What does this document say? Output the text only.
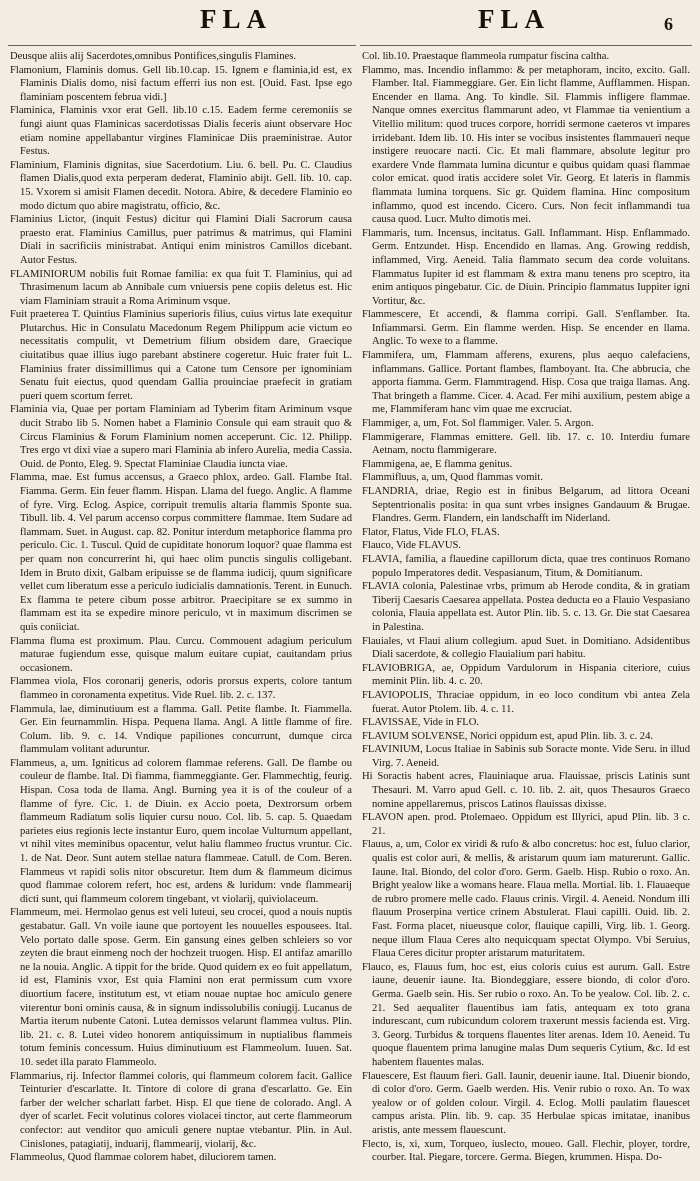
FLA	FLA	6

Deusque aliis alij Sacerdotes,omnibus Pontifices,singulis Flamines.

Flamonium, Flaminis domus. Gell lib.10.cap. 15. Ignem e flaminia,id est, ex Flaminis Dialis domo, nisi factum efferri ius non est. [Ouid. Fast. Ipse ego flaminiam poscentem februa vidi.]

Flaminica, Flaminis vxor erat Gell. lib.10 c.15. Eadem ferme ceremoniis se fungi aiunt quas Flaminicas sacerdotissas Dialis feceris aiunt observare Hoc etiam nomine appellabantur virgines Flaminicae Diis praeministrae. Autor Festus.

Flaminium, Flaminis dignitas, siue Sacerdotium. Liu. 6. bell. Pu. C. Claudius flamen Dialis,quod exta perperam dederat, Flaminio abijt. Gell. lib. 10. cap. 15. Vxorem si amisit Flamen decedit. Notora. Abire, & decedere Flaminio eo modo dictum quo abire magistratu, officio, &c.

Flaminius Lictor, (inquit Festus) dicitur qui Flamini Diali Sacrorum causa praesto erat. Flaminius Camillus, puer patrimus & matrimus, qui Flamini Diali in sacrificiis ministrabat. Antiqui enim ministros Camillos dicebant. Autor Festus.

FLAMINIORUM nobilis fuit Romae familia: ex qua fuit T. Flaminius, qui ad Thrasimenum lacum ab Annibale cum vniuersis pene copiis deletus est. Hic viam Flaminiam strauit a Roma Ariminum vsque.

Fuit praeterea T. Quintius Flaminius superioris filius, cuius virtus late exequitur Plutarchus. Hic in Consulatu Macedonum Regem Philippum acie victum eo necessitatis compulit, vt Demetrium filium obsidem dare, Graecique ciuitatibus quae illius iugo parebant abstinere cogeretur. Huic frater fuit L. Flaminius frater dissimillimus qui a Catone tum Censore per ignominiam Senatu fuit eiectus, quod quendam Gallia prouinciae praefecit in gratiam pueri quem scortum ferret.

Flaminia via, Quae per portam Flaminiam ad Tyberim fitam Ariminum vsque ducit Strabo lib 5. Nomen habet a Flaminio Consule qui eam strauit quo & Circus Flaminius & Forum Flaminium nomen acceperunt. Cic. 12. Philipp. Tres ergo vt dixi viae a supero mari Flaminia ab infero Aurelia, media Cassia. Ouid. de Ponto, Eleg. 9. Spectat Flaminiae Claudia iuncta viae.

Flamma, mae. Est fumus accensus, a Graeco phlox, ardeo. Gall. Flambe Ital. Fiamma. Germ. Ein feuer flamm. Hispan. Llama del fuego. Anglic. A flamme of fyre. Virg. Eclog. Aspice, corripuit tremulis altaria flammis Sponte sua. Tibull. lib. 4. Vel parum accenso corpus committere flammae. Item Sudare ad flammam. Suet. in August. cap. 82. Ponitur interdum metaphorice flamma pro periculo. Cic. 1. Tuscul. Quid de cupiditate honorum loquor? quae flamma est per quam non concurrerint hi, qui haec olim punctis singulis colligebant. Idem in Bruto dixit, Galbam eripuisse se de flamma iudicij, quum significare vellet cum liberatum esse a periculo iudicialis damnationis. Terent. in Eunuch. Ex flamma te petere cibum posse arbitror. Praecipitare se ex summo in flammam est ita se expedire minore periculo, vt in maximum discrimen se quis coniiciat.

Flamma fluma est proximum. Plau. Curcu. Commouent adagium periculum maturae fugiendum esse, quisque malum euitare cupiat, cauitandam prius occasionem.

Flammea viola, Flos coronarij generis, odoris prorsus experts, colore tantum flammeo in coronamenta expetitus. Vide Ruel. lib. 2. c. 137.

Flammula, lae, diminutiuum est a flamma. Gall. Petite flambe. It. Fiammella. Ger. Ein feurnammlin. Hispa. Pequena llama. Angl. A little flamme of fire. Colum. lib. 9. c. 14. Vndique papiliones concurrunt, dumque circa flammulam volitant aduruntur.

Flammeus, a, um. Igniticus ad colorem flammae referens. Gall. De flambe ou couleur de flambe. Ital. Di fiamma, fiammeggiante. Ger. Flammechtig, feurig. Hispan. Cosa toda de llama. Angl. Burning yea it is of the couleur of a flamme of fyre. Cic. 1. de Diuin. ex Accio poeta, Dextrorsum orbem flammeum Radiatum solis liquier cursu nouo. Col. lib. 5. cap. 5. Quaedam parietes eius regionis lecte instantur Euro, quem incolae Vulturnum appellant, vt nihil vites meminibus opacentur, velut haliu flammeo fructus vruntur. Cic. 1. de Nat. Deor. Sunt autem stellae natura flammeae. Catull. de Com. Beren. Flammeus vt rapidi solis nitor obscuretur. Item dum & flammeum dicimus quod flammae colorem refert, hoc est, ardens & luridum: vnde flammearij dicti sunt, qui flammeum colorem tingebant, vt violarij, quiviolaceum.

Flammeum, mei. Hermolao genus est veli luteui, seu crocei, quod a nouis nuptis gestabatur. Gall. Vn voile iaune que portoyent les nouuelles espousees. Ital. Velo portato dalle spose. Germ. Ein gansung eines gelben schleiers so vor zeyten die braut einmeng noch der hochzeit truogen. Hisp. El antifaz amarillo ne la nouia. Anglic. A tippit for the bride. Quod quidem ex eo fuit appellatum, id est, Flaminis vxor, Est quia Flamini non erat permissum cum vxore diuortium facere, institutum est, vt etiam nouae nuptae hoc amiculo genere viterentur boni ominis causa, & in signum indissolubilis coniugij. Lucanus de Martia iterum nubente Catoni. Lutea demissos velarunt flammea vultus. Plin. lib. 21. c. 8. Lutei video honorem antiquissimum in nuptialibus flammeis totum feminis concessum. Huius diminutiuum est Flammeolum. Iuuen. Sat. 10. sedet illa parato Flammeolo.

Flammarius, rij. Infector flammei coloris, qui flammeum colorem facit. Gallice Teinturier d'escarlatte. It. Tintore di colore di grana d'escarlatto. Ge. Ein farber der welcher scharlatt farbet. Hisp. El que tiene de colorado. Angl. A dyer of scarlet. Fecit volutinus colores violacei tinctor, aut certe flammeorum confector: aut venditor quo amiculi genere nuptae vtebantur. Plin. in Aul. Cinislones, patagiatij, induarij, flammearij, violarij, &c.

Flammeolus, Quod flammae colorem habet, diluciorem tamen.

Col. lib.10. Praestaque flammeola rumpatur fiscina caltha.

Flammo, mas. Incendio inflammo: & per metaphoram, incito, excito. Gall. Flamber. Ital. Fiammeggiare. Ger. Ein licht flamme, Aufflammen. Hispan. Encender en llama. Ang. To kindle. Sil. Flammis infligere flammae. Nanque omnes exercitus flammarunt adeo, vt Flammae tia venientium a Vitellio militum: quod truces corpore, horridi sermone caeteros vt impares irridebant. Idem lib. 10. His inter se vocibus insistentes flammaueri neque instigere reuocare nacti. Cic. Et mali flammare, absolute legitur pro exardere Vnde flammata lumina dicuntur e quibus quidam quasi flammae color emicat. quod iratis accidere solet Vir. Georg. Et lateris in flammis flammata lumina torquens. Sic gr. Quidem flamina. Hinc compositum inflammo, quod est incendo. Cicero. Curs. Non fecit inflammandi tua causa quod. Lucr. Multo dimotis mei.

Flammaris, tum. Incensus, incitatus. Gall. Inflammant. Hisp. Enflammado. Germ. Entzundet. Hisp. Encendido en llamas. Ang. Growing reddish, inflammed, Virg. Aeneid. Talia flammato secum dea corde voluitans. Flammatus Iupiter id est flammam & extra manu tenens pro sceptro, ita enim antiquos pingebatur. Cic. de Diuin. Principio flammatus Iuppiter igni Vortitur, &c.

Flammescere, Et accendi, & flamma corripi. Gall. S'enflamber. Ita. Infiammarsi. Germ. Ein flamme werden. Hisp. Se encender en llama. Anglic. To wexe to a flamme.

Flammifera, um, Flammam afferens, exurens, plus aequo calefaciens, inflammans. Gallice. Portant flambes, flamboyant. Ita. Che abbrucia, che apporta fiamma. Germ. Flammtragend. Hisp. Cosa que traiga llamas. Ang. That bringeth a flamme. Cicer. 4. Acad. Fer mihi auxilium, pestem abige a me, Flammiferam hanc vim quae me excruciat.

Flammiger, a, um, Fot. Sol flammiger. Valer. 5. Argon.

Flammigerare, Flammas emittere. Gell. lib. 17. c. 10. Interdiu fumare Aetnam, noctu flammigerare.

Flammigena, ae, E flamma genitus.

Flammifluus, a, um, Quod flammas vomit.

FLANDRIA, driae, Regio est in finibus Belgarum, ad littora Oceani Septentrionalis posita: in qua sunt vrbes insignes Gandauum & Brugae. Flandres. Germ. Flandern, ein landschafft im Niderland.

Flator, Flatus, Vide FLO, FLAS.

Flauco, Vide FLAVUS.

FLAVIA, familia, a flauedine capillorum dicta, quae tres continuos Romano populo Imperatores dedit. Vespasianum, Titum, & Domitianum.

FLAVIA colonia, Palestinae vrbs, primum ab Herode condita, & in gratiam Tiberij Caesaris Caesarea appellata. Postea deducta eo a Flauio Vespasiano colonia, Flauia appellata est. Autor Plin. lib. 5. c. 13. Gr. Die stat Caesarea in Palestina.

Flauiales, vt Flaui alium collegium. apud Suet. in Domitiano. Adsidentibus Diali sacerdote, & collegio Flauialium pari habitu.

FLAVIOBRIGA, ae, Oppidum Vardulorum in Hispania citeriore, cuius meminit Plin. lib. 4. c. 20.

FLAVIOPOLIS, Thraciae oppidum, in eo loco conditum vbi antea Zela fuerat. Autor Ptolem. lib. 4. c. 11.

FLAVISSAE, Vide in FLO.

FLAVIUM SOLVENSE, Norici oppidum est, apud Plin. lib. 3. c. 24.

FLAVINIUM, Locus Italiae in Sabinis sub Soracte monte. Vide Seru. in illud Virg. 7. Aeneid.

Hi Soractis habent acres, Flauiniaque arua. Flauissae, priscis Latinis sunt Thesauri. M. Varro apud Gell. c. 10. lib. 2. ait, quos Thesauros Graeco nomine appellaremus, priscos Latinos flauissas dixisse.

FLAVON apen. prod. Ptolemaeo. Oppidum est Illyrici, apud Plin. lib. 3 c. 21.

Flauus, a, um, Color ex viridi & rufo & albo concretus: hoc est, fuluo clarior, qualis est color auri, & mellis, & aristarum quum iam maturerunt. Gallic. Iaune. Ital. Biondo, del color d'oro. Germ. Gaelb. Hisp. Rubio o roxo. An. Bright yealow like a womans heare. Flaua mella. Mortial. lib. 1. Flauaeque de rubro promere melle cado. Flauus crinis. Virgil. 4. Aeneid. Nondum illi flauum Proserpina vertice crinem Abstulerat. Flaui capilli. Ouid. lib. 2. Fast. Forma placet, niueusque color, flauique capilli, Virg. lib. 1. Georg. neque illum Flaua Ceres alto nequicquam spectat Olympo. Vbi Seruius, Flaua Ceres dicitur propter aristarum maturitatem.

Flauco, es, Flauus fum, hoc est, eius coloris cuius est aurum. Gall. Estre iaune, deuenir iaune. Ita. Biondeggiare, essere biondo, di color d'oro. Germa. Gaelb sein. His. Ser rubio o roxo. An. To be yealow. Col. lib. 2. c. 21. Sed aequaliter flauentibus iam fatis, antequam ex toto grana indurescant, cum rubicundum colorem traxerunt messis facienda est. Virg. 3. Georg. Turbidus & torquens flauentes liter arenas. Idem 10. Aeneid. Tu quoque flauentem prima lanugine malas Dum sequeris Cytium, &c. Id est habentem flauentes malas.

Flauescere, Est flauum fieri. Gall. Iaunir, deuenir iaune. Ital. Diuenir biondo, di color d'oro. Germ. Gaelb werden. His. Venir rubio o roxo. An. To wax yealow or of golden colour. Virgil. 4. Eclog. Molli paulatim flauescet campus arista. Plin. lib. 9. cap. 35 Herbulae spicas imitatae, inanibus aristis, ante messem flauescunt.

Flecto, is, xi, xum, Torqueo, iuslecto, moueo. Gall. Flechir, ployer, tordre, courber. Ital. Piegare, torcere. Germa. Biegen, krummen. Hispa. Do-
